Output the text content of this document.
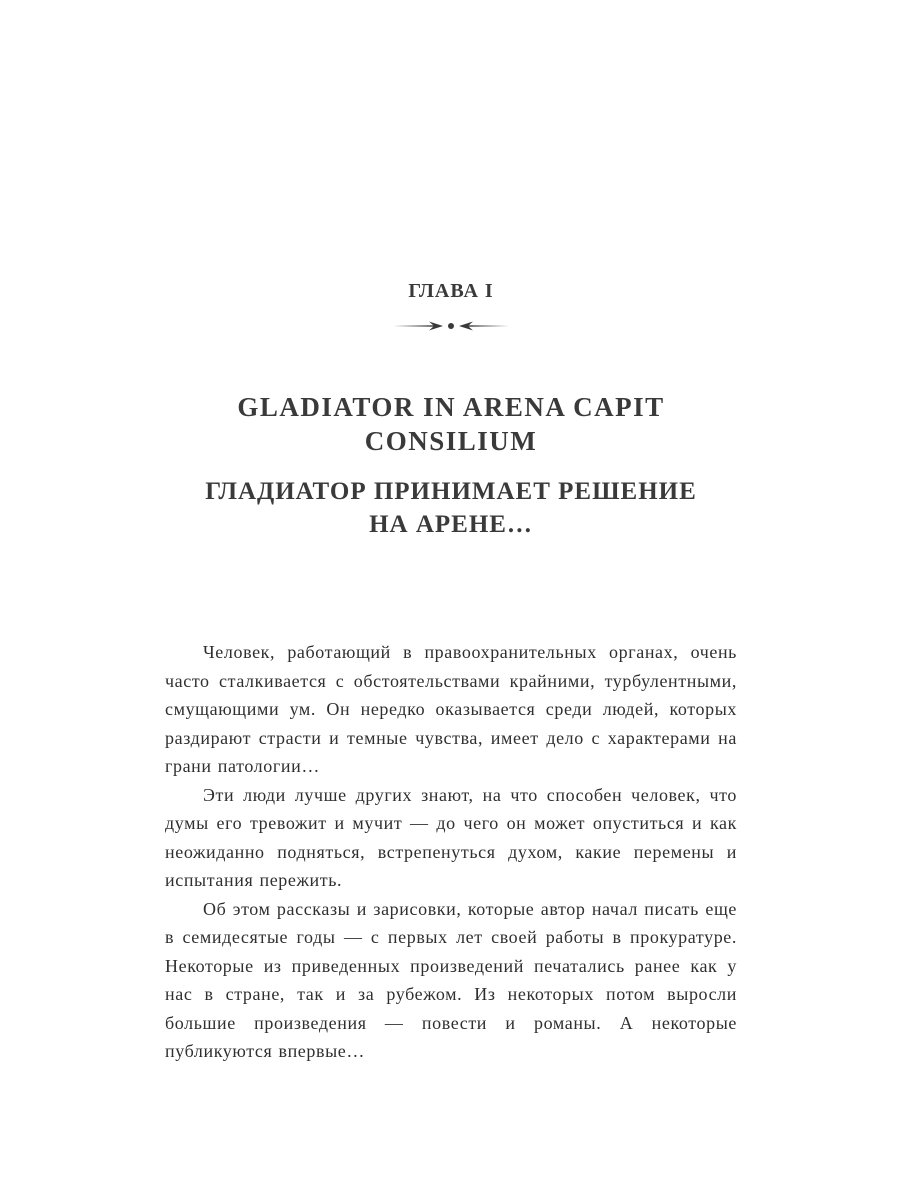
ГЛАВА I
GLADIATOR IN ARENA CAPIT CONSILIUM
ГЛАДИАТОР ПРИНИМАЕТ РЕШЕНИЕ
НА АРЕНЕ…

Человек, работающий в правоохранительных органах, очень часто сталкивается с обстоятельствами крайними, турбулентными, смущающими ум. Он нередко оказывается среди людей, которых раздирают страсти и темные чувства, имеет дело с характерами на грани патологии…

Эти люди лучше других знают, на что способен человек, что думы его тревожит и мучит — до чего он может опуститься и как неожиданно подняться, встрепенуться духом, какие перемены и испытания пережить.

Об этом рассказы и зарисовки, которые автор начал писать еще в семидесятые годы — с первых лет своей работы в прокуратуре. Некоторые из приведенных произведений печатались ранее как у нас в стране, так и за рубежом. Из некоторых потом выросли большие произведения — повести и романы. А некоторые публикуются впервые…
